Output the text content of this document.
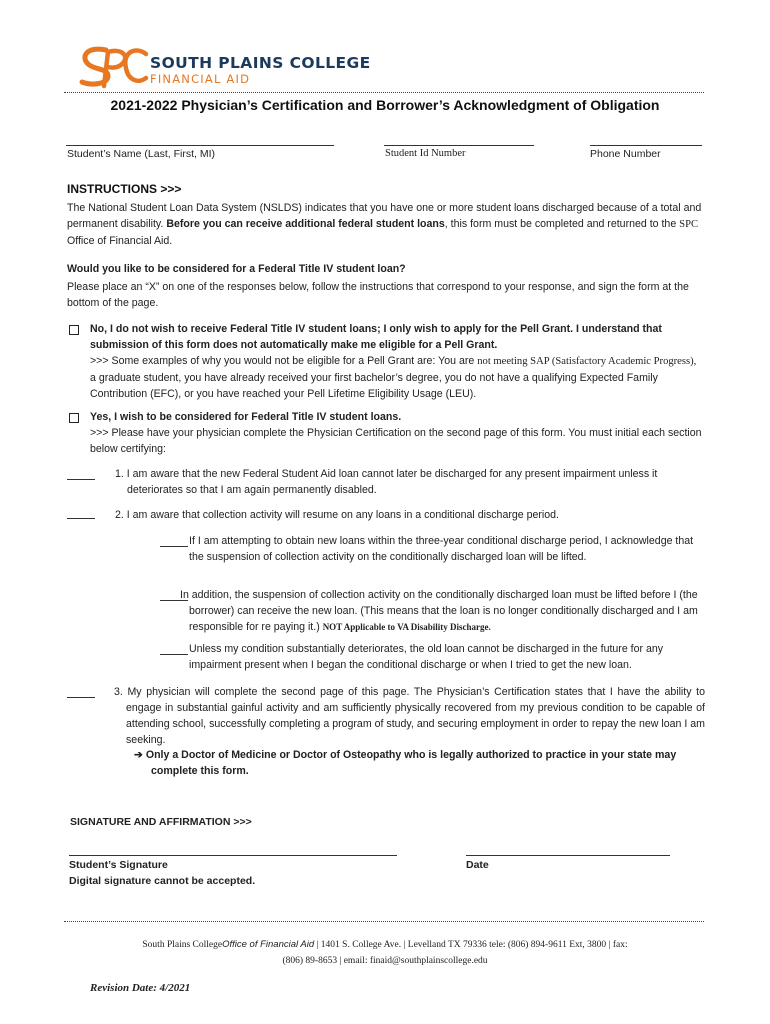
SOUTH PLAINS COLLEGE
FINANCIAL AID
2021-2022 Physician’s Certification and Borrower’s Acknowledgment of Obligation
Student’s Name (Last, First, MI)	Student Id Number	Phone Number
INSTRUCTIONS >>>

The National Student Loan Data System (NSLDS) indicates that you have one or more student loans discharged because of a total and permanent disability. Before you can receive additional federal student loans, this form must be completed and returned to the SPC Office of Financial Aid.

Would you like to be considered for a Federal Title IV student loan?

Please place an “X” on one of the responses below, follow the instructions that correspond to your response, and sign the form at the bottom of the page.

No, I do not wish to receive Federal Title IV student loans; I only wish to apply for the Pell Grant. I understand that submission of this form does not automatically make me eligible for a Pell Grant.

>>> Some examples of why you would not be eligible for a Pell Grant are: You are not meeting SAP (Satisfactory Academic Progress), a graduate student, you have already received your first bachelor’s degree, you do not have a qualifying Expected Family Contribution (EFC), or you have reached your Pell Lifetime Eligibility Usage (LEU).

Yes, I wish to be considered for Federal Title IV student loans.

>>> Please have your physician complete the Physician Certification on the second page of this form. You must initial each section below certifying:

1. I am aware that the new Federal Student Aid loan cannot later be discharged for any present impairment unless it deteriorates so that I am again permanently disabled.

2. I am aware that collection activity will resume on any loans in a conditional discharge period.

If I am attempting to obtain new loans within the three-year conditional discharge period, I acknowledge that the suspension of collection activity on the conditionally discharged loan will be lifted.

In addition, the suspension of collection activity on the conditionally discharged loan must be lifted before I (the borrower) can receive the new loan. (This means that the loan is no longer conditionally discharged and I am responsible for re paying it.) NOT Applicable to VA Disability Discharge.

Unless my condition substantially deteriorates, the old loan cannot be discharged in the future for any impairment present when I began the conditional discharge or when I tried to get the new loan.

3. My physician will complete the second page of this page. The Physician’s Certification states that I have the ability to engage in substantial gainful activity and am sufficiently physically recovered from my previous condition to be capable of attending school, successfully completing a program of study, and securing employment in order to repay the new loan I am seeking.

➔ Only a Doctor of Medicine or Doctor of Osteopathy who is legally authorized to practice in your state may complete this form.

SIGNATURE AND AFFIRMATION >>>
Student’s Signature	Date
Digital signature cannot be accepted.
South Plains CollegeOffice of Financial Aid | 1401 S. College Ave. | Levelland TX 79336 tele: (806) 894-9611 Ext, 3800 | fax:
(806) 89-8653 | email: finaid@southplainscollege.edu
Revision Date: 4/2021
